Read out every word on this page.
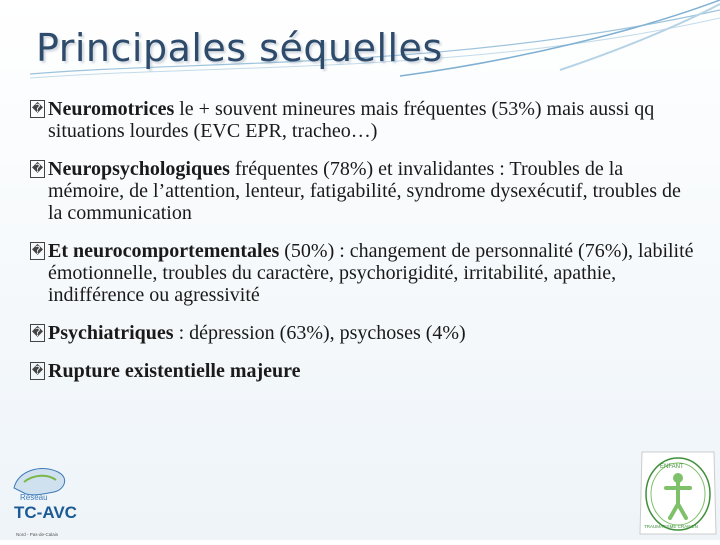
Principales séquelles
� Neuromotrices le + souvent mineures mais fréquentes (53%) mais aussi qq situations lourdes (EVC EPR, tracheo…)
� Neuropsychologiques fréquentes (78%) et invalidantes : Troubles de la mémoire, de l’attention, lenteur, fatigabilité, syndrome dysexécutif, troubles de la communication
� Et neurocomportementales (50%) : changement de personnalité (76%), labilité émotionnelle, troubles du caractère, psychorigidité, irritabilité, apathie, indifférence ou agressivité
� Psychiatriques : dépression (63%), psychoses (4%)
� Rupture existentielle majeure
Réseau
TC-AVC
Nord - Pas-de-Calais
ENFANT
TRAUMATISME CRANIEN
